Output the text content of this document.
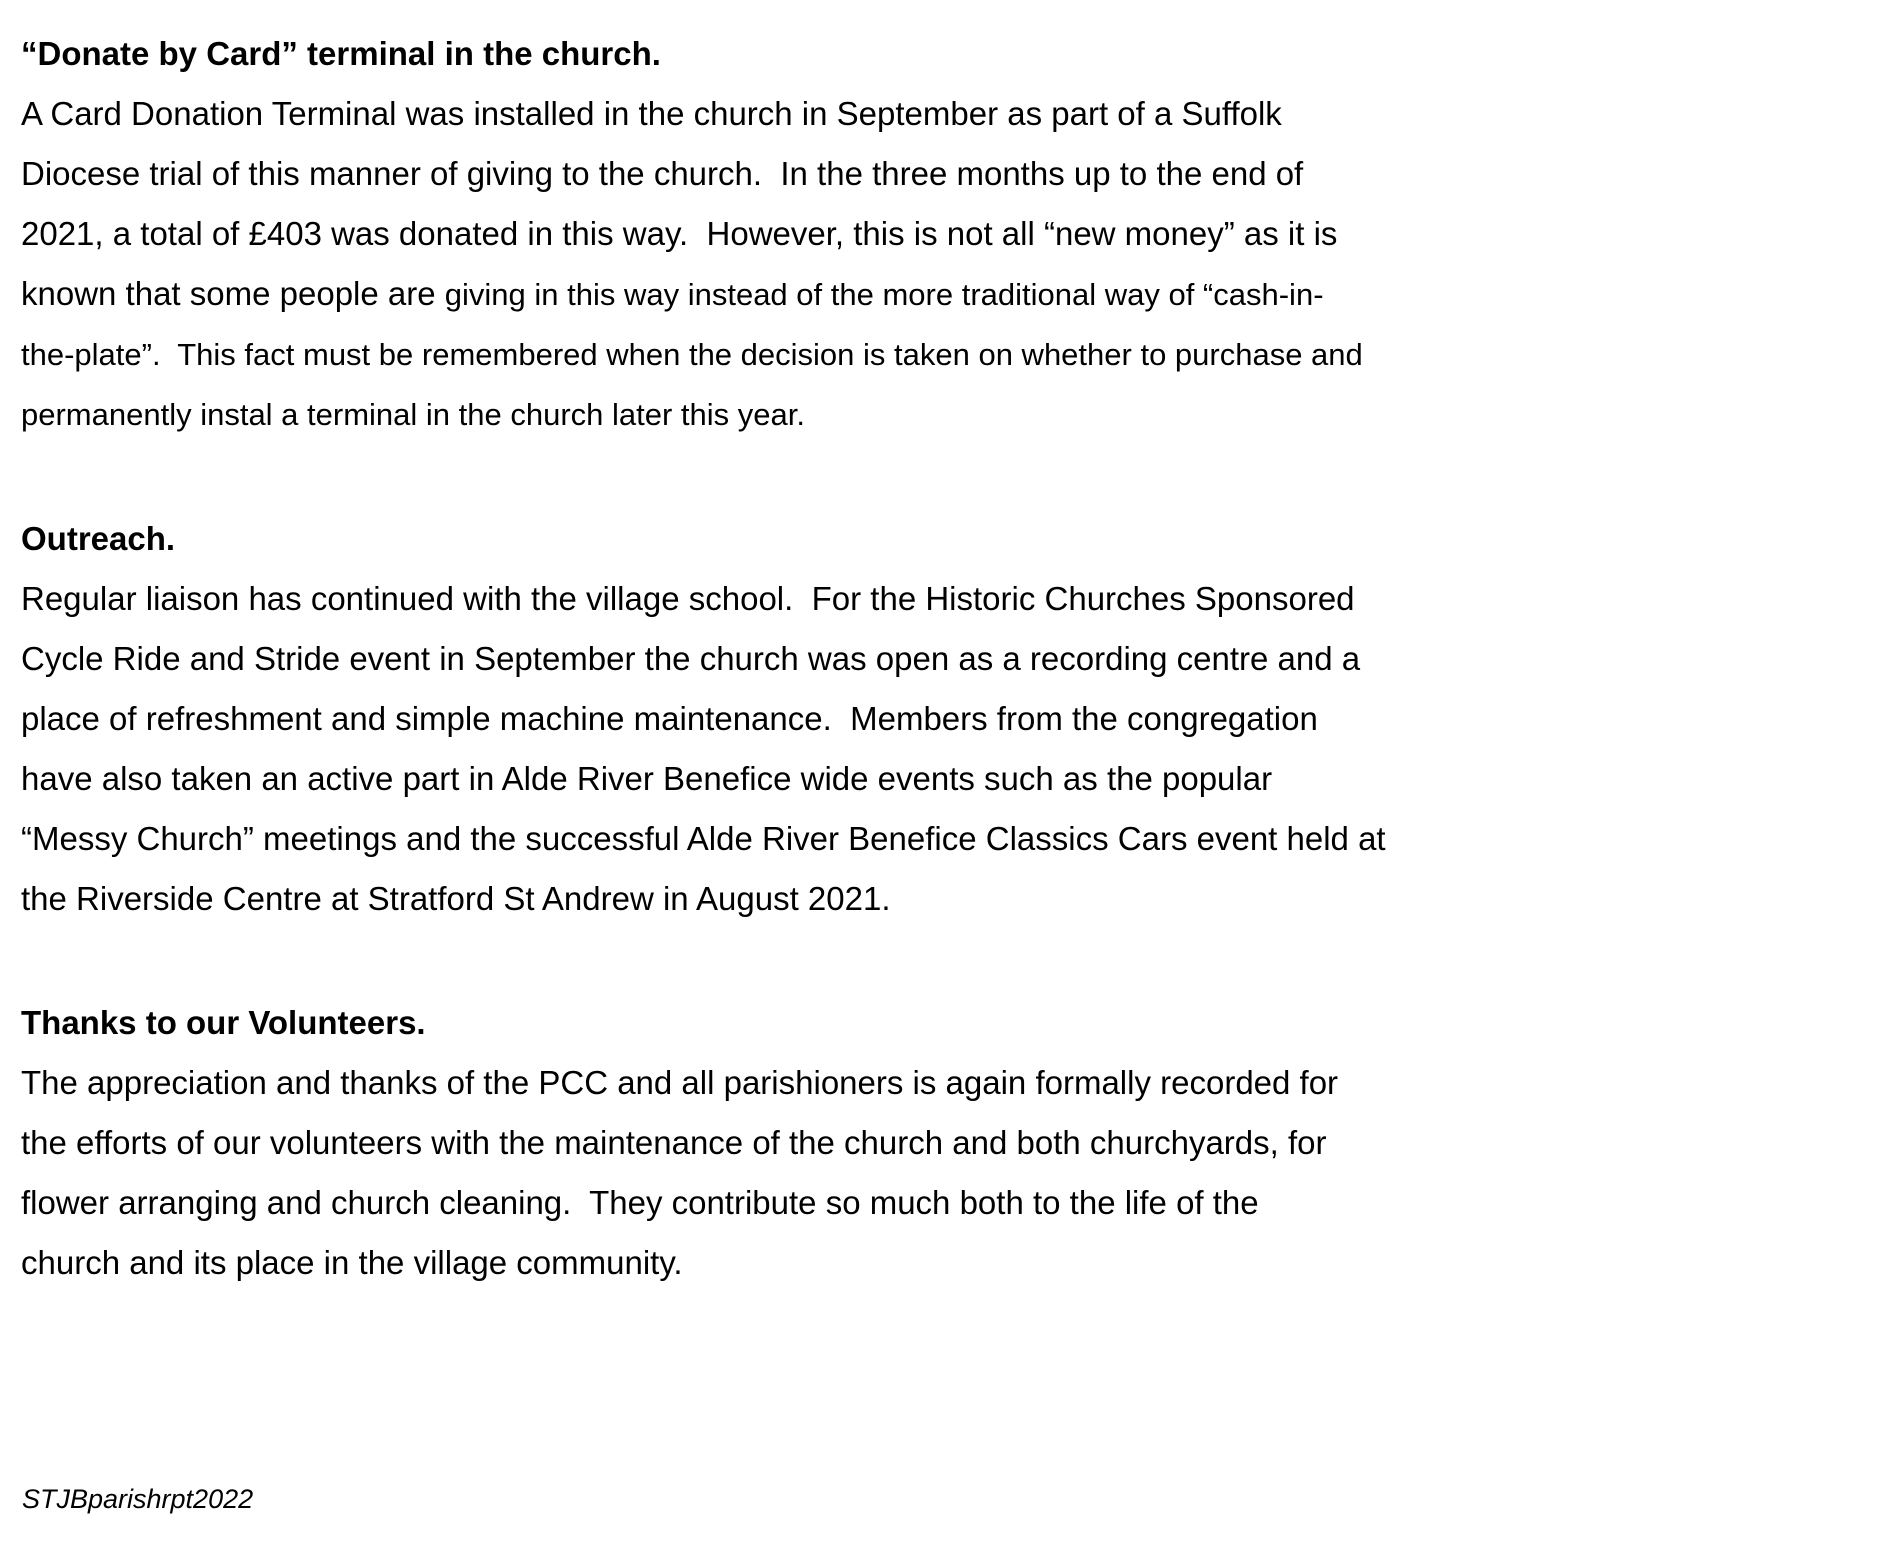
“Donate by Card” terminal in the church.
A Card Donation Terminal was installed in the church in September as part of a Suffolk
Diocese trial of this manner of giving to the church.  In the three months up to the end of
2021, a total of £403 was donated in this way.  However, this is not all “new money” as it is
known that some people are giving in this way instead of the more traditional way of “cash-in-
the-plate”.  This fact must be remembered when the decision is taken on whether to purchase and
permanently instal a terminal in the church later this year.
Outreach.
Regular liaison has continued with the village school.  For the Historic Churches Sponsored
Cycle Ride and Stride event in September the church was open as a recording centre and a
place of refreshment and simple machine maintenance.  Members from the congregation
have also taken an active part in Alde River Benefice wide events such as the popular
“Messy Church” meetings and the successful Alde River Benefice Classics Cars event held at
the Riverside Centre at Stratford St Andrew in August 2021.
Thanks to our Volunteers.
The appreciation and thanks of the PCC and all parishioners is again formally recorded for
the efforts of our volunteers with the maintenance of the church and both churchyards, for
flower arranging and church cleaning.  They contribute so much both to the life of the
church and its place in the village community.
STJBparishrpt2022
